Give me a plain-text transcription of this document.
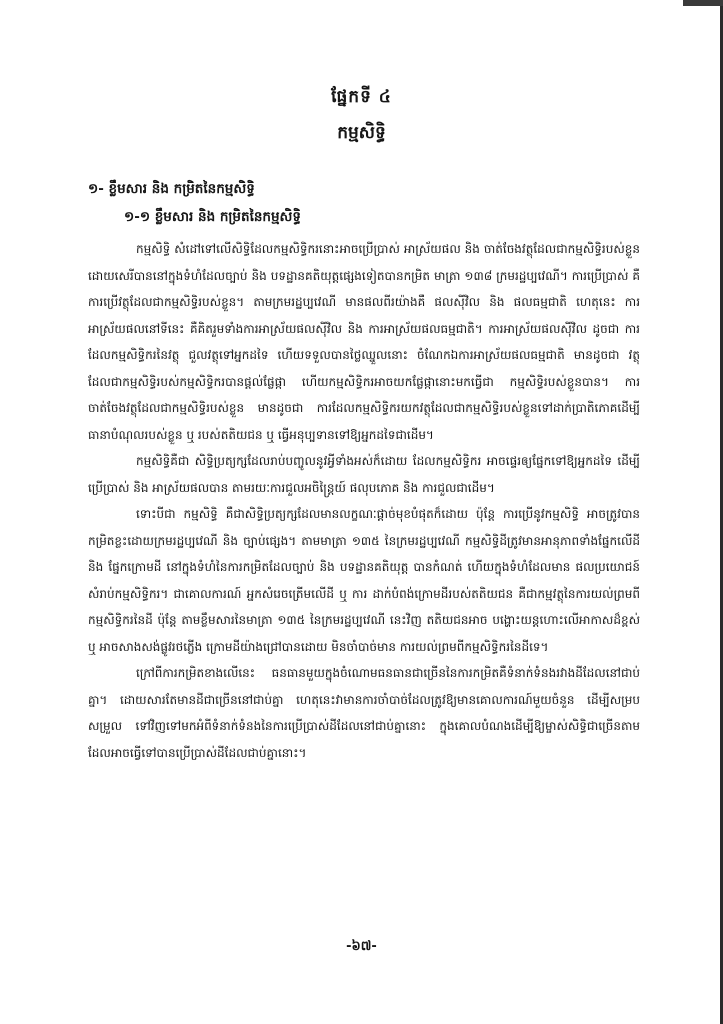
ផ្នែកទី ៤
កម្មសិទ្ធិ
១- ខ្លឹមសារ និង កម្រិតនៃកម្មសិទ្ធិ
១-១ ខ្លឹមសារ និង កម្រិតនៃកម្មសិទ្ធិ

កម្មសិទ្ធិ សំដៅទៅលើសិទ្ធិដែលកម្មសិទ្ធិករនោះអាចប្រើប្រាស់ អាស្រ័យផល និង ចាត់ចែងវត្ថុដែលជាកម្មសិទ្ធិរបស់ខ្លួន ដោយសេរីបាននៅក្នុងទំហំដែលច្បាប់ និង បទដ្ឋានគតិយុត្តផ្សេងទៀតបានកម្រិត មាត្រា ១៣៨ ក្រមរដ្ឋប្បវេណី។ ការប្រើប្រាស់ គឺការប្រើវត្ថុដែលជាកម្មសិទ្ធិរបស់ខ្លួន។ តាមក្រមរដ្ឋប្បវេណី មានផលពីរយ៉ាងគឺ ផលស៊ីវិល និង ផលធម្មជាតិ ហេតុនេះ ការអាស្រ័យផលនៅទីនេះ គឺគិតរួមទាំងការអាស្រ័យផលស៊ីវិល និង ការអាស្រ័យផលធម្មជាតិ។ ការអាស្រ័យផលស៊ីវិល ដូចជា ការដែលកម្មសិទ្ធិករនៃវត្ថុ ជួលវត្ថុទៅអ្នកដទៃ ហើយទទួលបានថ្លៃឈ្នួលនោះ ចំណែកឯការអាស្រ័យផលធម្មជាតិ មានដូចជា វត្ថុ ដែលជាកម្មសិទ្ធិរបស់កម្មសិទ្ធិករបានផ្តល់ផ្លែផ្កា ហើយកម្មសិទ្ធិករអាចយកផ្លែផ្កានោះមកធ្វើជា កម្មសិទ្ធិរបស់ខ្លួនបាន។ ការចាត់ចែងវត្ថុដែលជាកម្មសិទ្ធិរបស់ខ្លួន មានដូចជា ការដែលកម្មសិទ្ធិករយកវត្ថុដែលជាកម្មសិទ្ធិរបស់ខ្លួនទៅដាក់ប្រាតិភោគដើម្បីធានាបំណុលរបស់ខ្លួន ឬ របស់តតិយជន ឬ ធ្វើអនុប្បទានទៅឱ្យអ្នកដទៃជាដើម។

កម្មសិទ្ធិគឺជា សិទ្ធិប្រត្យក្សដែលរាប់បញ្ចូលនូវអ្វីទាំងអស់ក៏ដោយ ដែលកម្មសិទ្ធិករ អាចផ្ទេរឲ្យផ្នែកទៅឱ្យអ្នកដទៃ ដើម្បីប្រើប្រាស់ និង អាស្រ័យផលបាន តាមរយៈការជួលអចិន្ត្រៃយ៍ ផលុបភោគ និង ការជួលជាដើម។

ទោះបីជា កម្មសិទ្ធិ គឺជាសិទ្ធិប្រត្យក្សដែលមានលក្ខណៈផ្តាច់មុខបំផុតក៏ដោយ ប៉ុន្តែ ការប្រើនូវកម្មសិទ្ធិ អាចត្រូវបានកម្រិតខ្លះដោយក្រមរដ្ឋប្បវេណី និង ច្បាប់ផ្សេង។ តាមមាត្រា ១៣៥ នៃក្រមរដ្ឋប្បវេណី កម្មសិទ្ធិដីត្រូវមានអានុភាពទាំងផ្នែកលើដី និង ផ្នែកក្រោមដី នៅក្នុងទំហំនៃការកម្រិតដែលច្បាប់ និង បទដ្ឋានគតិយុត្ត បានកំណត់ ហើយក្នុងទំហំដែលមាន ផលប្រយោជន៍សំរាប់កម្មសិទ្ធិករ។ ជាគោលការណ៍ អ្នកសំរេចត្រើមលើដី ឬ ការ ដាក់បំពង់ក្រោមដីរបស់តតិយជន គឺជាកម្មវត្ថុនៃការយល់ព្រមពីកម្មសិទ្ធិករនៃដី ប៉ុន្តែ តាមខ្លឹមសារនៃមាត្រា ១៣៥ នៃក្រមរដ្ឋប្បវេណី នេះវិញ តតិយជនអាច បង្ហោះយន្តហោះលើអាកាសដ៏ខ្ពស់ ឬ អាចសាងសង់ផ្លូវរថភ្លើង ក្រោមដីយ៉ាងជ្រៅបានដោយ មិនចាំបាច់មាន ការយល់ព្រមពីកម្មសិទ្ធិករនៃដីទេ។

ក្រៅពីការកម្រិតខាងលើនេះ ធនធានមួយក្នុងចំណោមធនធានជាច្រើននៃការកម្រិតគឺទំនាក់ទំនងរវាងដីដែលនៅជាប់គ្នា។ ដោយសារតែមានដីជាច្រើននៅជាប់គ្នា ហេតុនេះវាមានការចាំបាច់ដែលត្រូវឱ្យមានគោលការណ៍មួយចំនួន ដើម្បីសម្របសម្រួល ទៅវិញទៅមកអំពីទំនាក់ទំនងនៃការប្រើប្រាស់ដីដែលនៅជាប់គ្នានោះ ក្នុងគោលបំណងដើម្បីឱ្យម្ចាស់សិទ្ធិជាច្រើនតាមដែលអាចធ្វើទៅបានប្រើប្រាស់ដីដែលជាប់គ្នានោះ។

-៦៧-
